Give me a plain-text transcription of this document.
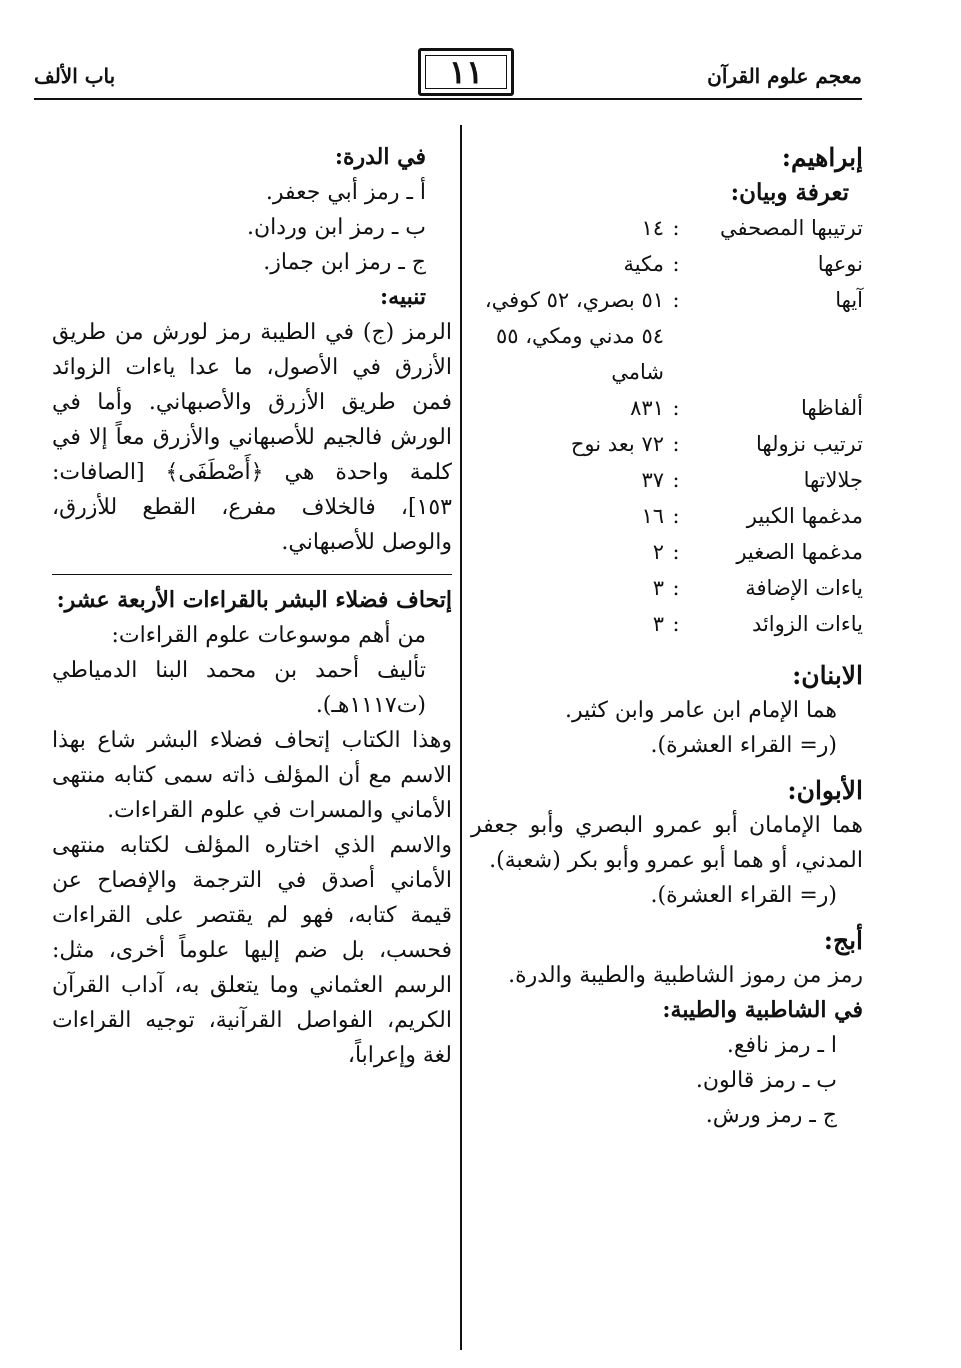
معجم علوم القرآن
١١
باب الألف

إبراهيم:

تعرفة وبيان:

ترتيبها المصحفي	:	١٤
نوعها	:	مكية
آيها	:	٥١ بصري، ٥٢ كوفي، ٥٤ مدني ومكي، ٥٥ شامي
ألفاظها	:	٨٣١
ترتيب نزولها	:	٧٢ بعد نوح
جلالاتها	:	٣٧
مدغمها الكبير	:	١٦
مدغمها الصغير	:	٢
ياءات الإضافة	:	٣
ياءات الزوائد	:	٣

الابنان:

هما الإمام ابن عامر وابن كثير.

(ر= القراء العشرة).

الأبوان:

هما الإمامان أبو عمرو البصري وأبو جعفر المدني، أو هما أبو عمرو وأبو بكر (شعبة).

(ر= القراء العشرة).

أبج:

رمز من رموز الشاطبية والطيبة والدرة.

في الشاطبية والطيبة:

ا ـ رمز نافع.

ب ـ رمز قالون.

ج ـ رمز ورش.

في الدرة:

أ ـ رمز أبي جعفر.

ب ـ رمز ابن وردان.

ج ـ رمز ابن جماز.

تنبيه:

الرمز (ج) في الطيبة رمز لورش من طريق الأزرق في الأصول، ما عدا ياءات الزوائد فمن طريق الأزرق والأصبهاني. وأما في الورش فالجيم للأصبهاني والأزرق معاً إلا في كلمة واحدة هي ﴿أَصْطَفَى﴾ [الصافات: ١٥٣]، فالخلاف مفرع، القطع للأزرق، والوصل للأصبهاني.

إتحاف فضلاء البشر بالقراءات الأربعة عشر:

من أهم موسوعات علوم القراءات:

تأليف أحمد بن محمد البنا الدمياطي (ت١١١٧هـ).

وهذا الكتاب إتحاف فضلاء البشر شاع بهذا الاسم مع أن المؤلف ذاته سمى كتابه منتهى الأماني والمسرات في علوم القراءات.

والاسم الذي اختاره المؤلف لكتابه منتهى الأماني أصدق في الترجمة والإفصاح عن قيمة كتابه، فهو لم يقتصر على القراءات فحسب، بل ضم إليها علوماً أخرى، مثل: الرسم العثماني وما يتعلق به، آداب القرآن الكريم، الفواصل القرآنية، توجيه القراءات لغة وإعراباً،
